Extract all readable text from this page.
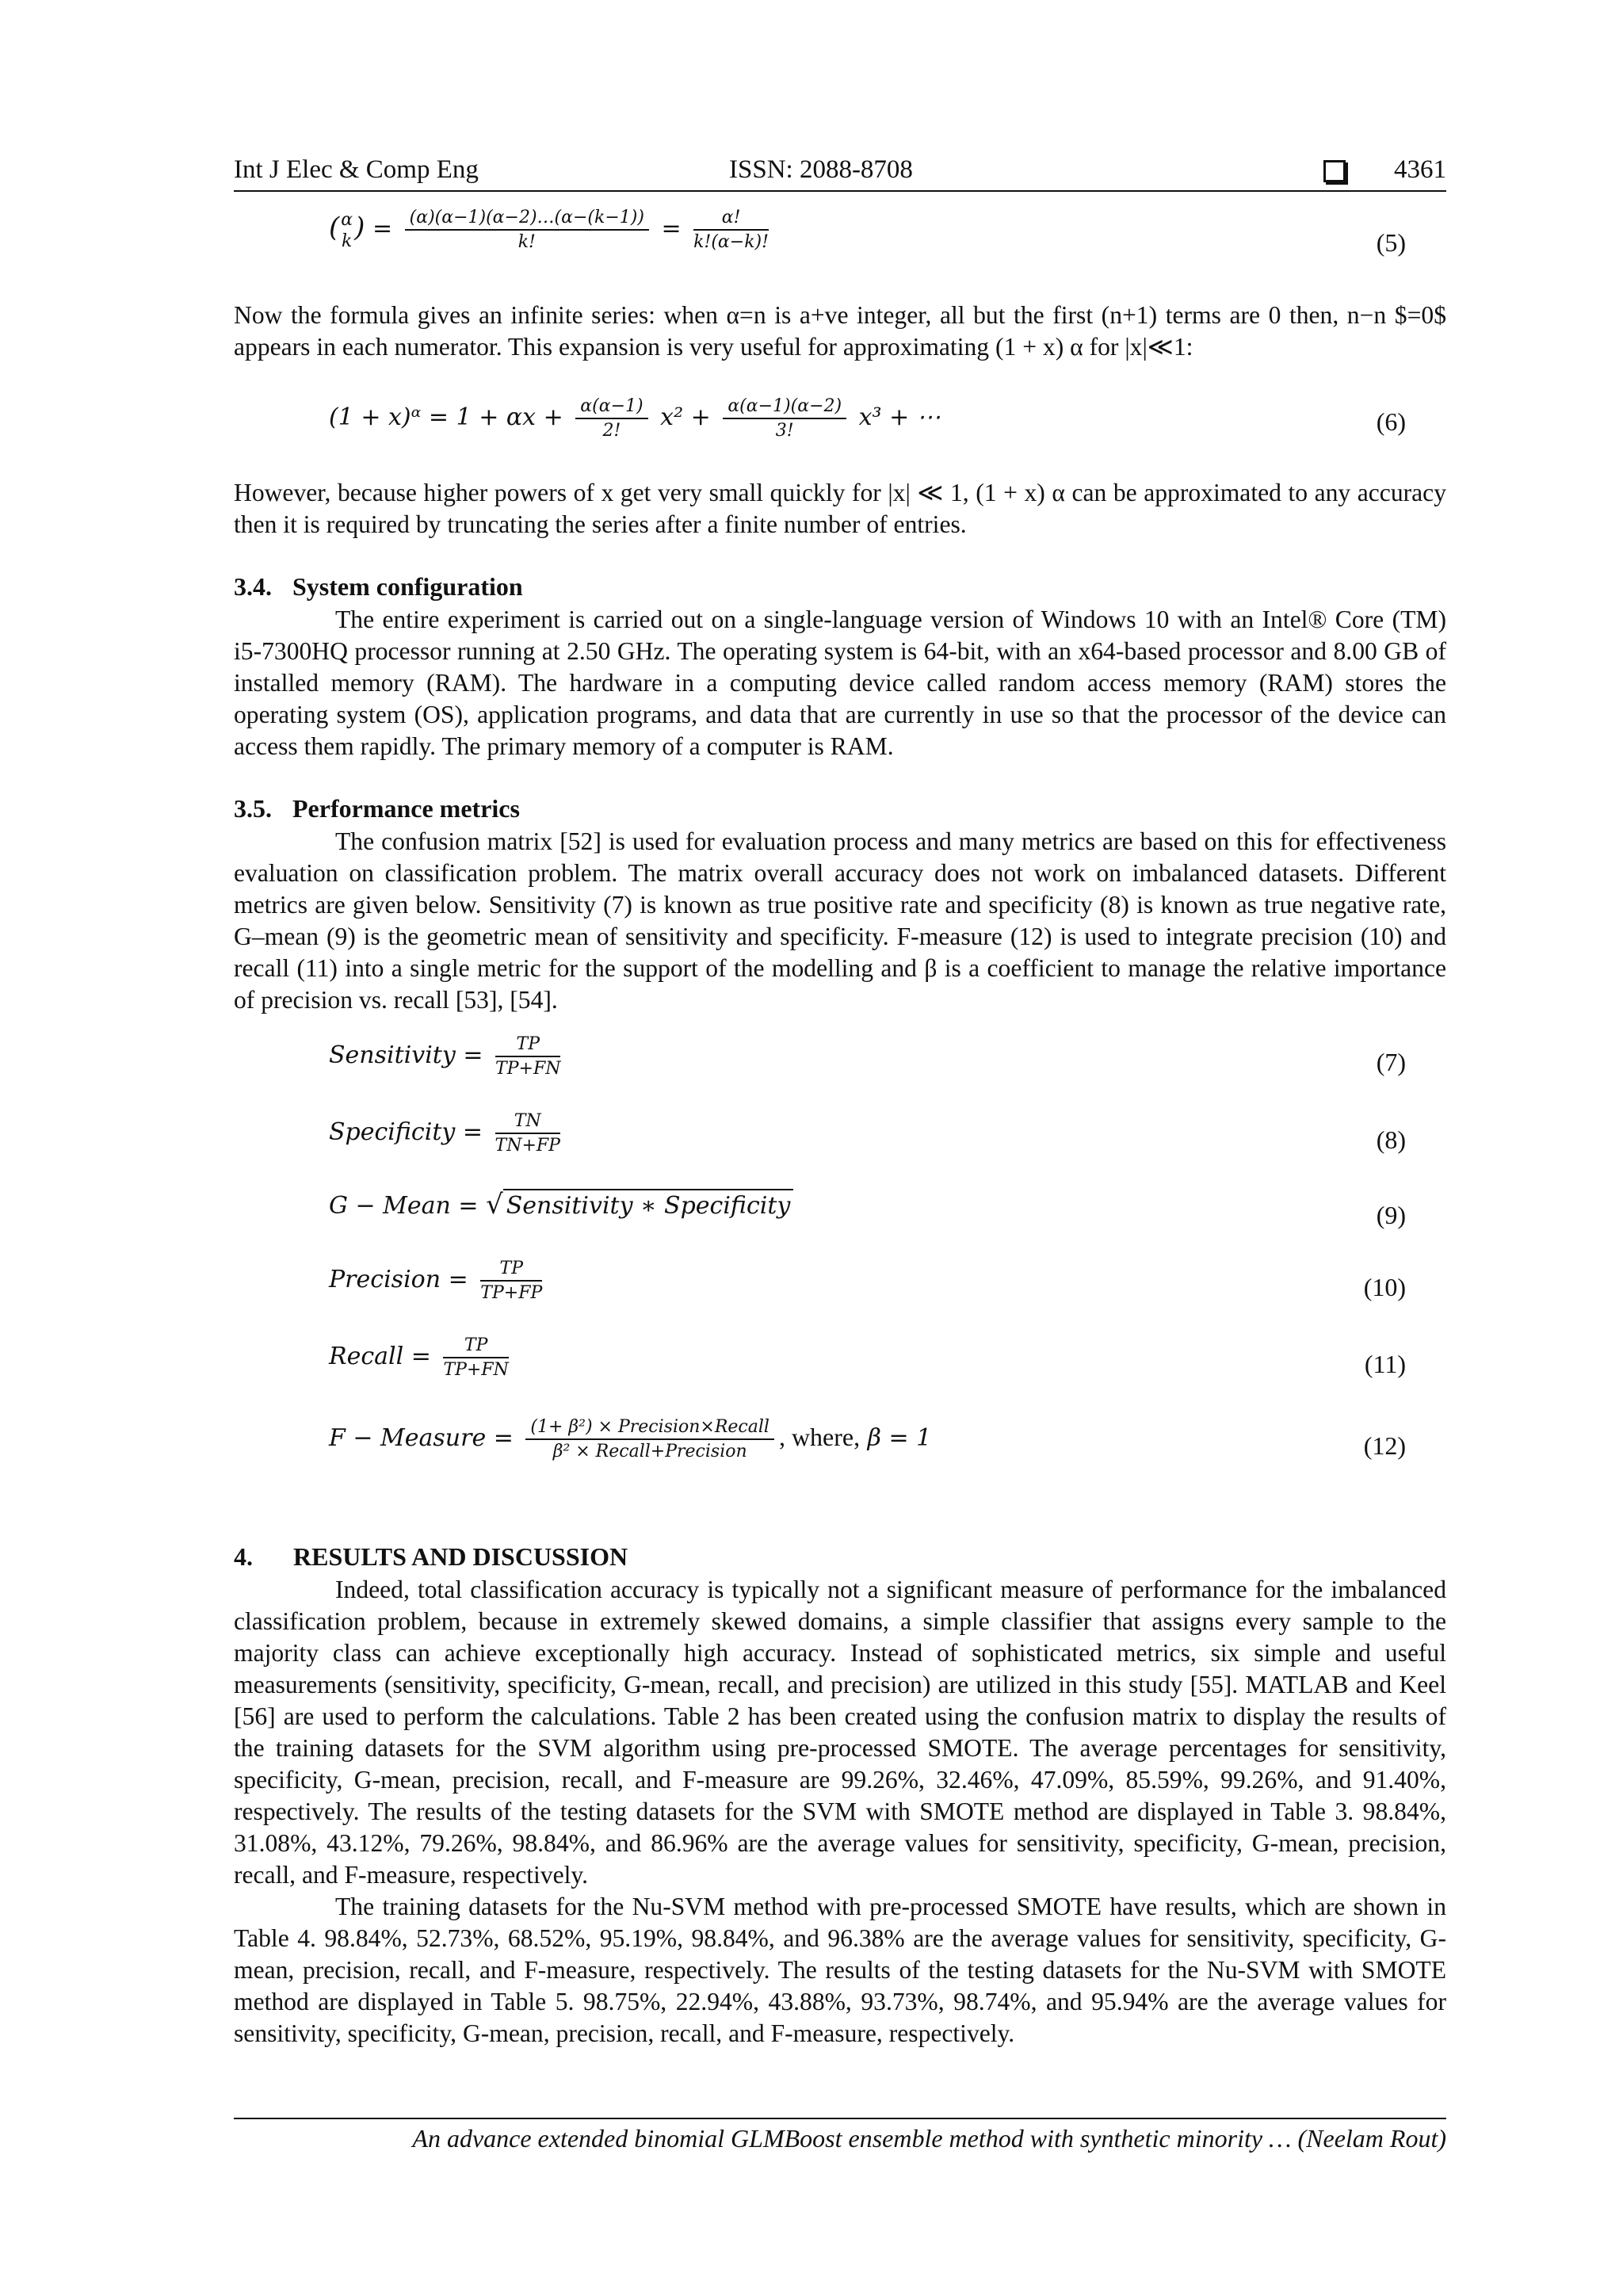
Int J Elec & Comp Eng	ISSN: 2088-8708	4361
( α
k ) = $\frac{(\alpha)(\alpha-1)(\alpha-2)\dots(\alpha-(k-1))}{k!} = \frac{\alpha!}{k!(\alpha-k)!}$	(5)

Now the formula gives an infinite series: when α=n is a+ve integer, all but the first (n+1) terms are 0 then, n−n $=0$ appears in each numerator. This expansion is very useful for approximating (1 + x) α for |x|≪1:

(1 + x)ᵅ = $1 + \alpha x + \frac{\alpha(\alpha-1)}{2!} x^2 + \frac{\alpha(\alpha-1)(\alpha-2)}{3!} x^3$ + ⋯	(6)

However, because higher powers of x get very small quickly for |x| ≪ 1, (1 + x) α can be approximated to any accuracy then it is required by truncating the series after a finite number of entries.

3.4. System configuration

The entire experiment is carried out on a single-language version of Windows 10 with an Intel® Core (TM) i5-7300HQ processor running at 2.50 GHz. The operating system is 64-bit, with an x64-based processor and 8.00 GB of installed memory (RAM). The hardware in a computing device called random access memory (RAM) stores the operating system (OS), application programs, and data that are currently in use so that the processor of the device can access them rapidly. The primary memory of a computer is RAM.

3.5. Performance metrics

The confusion matrix [52] is used for evaluation process and many metrics are based on this for effectiveness evaluation on classification problem. The matrix overall accuracy does not work on imbalanced datasets. Different metrics are given below. Sensitivity (7) is known as true positive rate and specificity (8) is known as true negative rate, G–mean (9) is the geometric mean of sensitivity and specificity. F-measure (12) is used to integrate precision (10) and recall (11) into a single metric for the support of the modelling and β is a coefficient to manage the relative importance of precision vs. recall [53], [54].

Sensitivity = $\frac{TP}{TP+FN}$	(7)
Specificity = $\frac{TN}{TN+FP}$	(8)
G − Mean = √ Sensitivity ∗ Specificity	(9)
Precision = $\frac{TP}{TP+FP}$	(10)
Recall = $\frac{TP}{TP+FN}$	(11)
F − Measure = $\frac{\text{(1+ β²) × Precision×Recall}}{\text{β² × Recall+Precision}}$ , where, β = 1	(12)
4. RESULTS AND DISCUSSION

Indeed, total classification accuracy is typically not a significant measure of performance for the imbalanced classification problem, because in extremely skewed domains, a simple classifier that assigns every sample to the majority class can achieve exceptionally high accuracy. Instead of sophisticated metrics, six simple and useful measurements (sensitivity, specificity, G-mean, recall, and precision) are utilized in this study [55]. MATLAB and Keel [56] are used to perform the calculations. Table 2 has been created using the confusion matrix to display the results of the training datasets for the SVM algorithm using pre-processed SMOTE. The average percentages for sensitivity, specificity, G-mean, precision, recall, and F-measure are 99.26%, 32.46%, 47.09%, 85.59%, 99.26%, and 91.40%, respectively. The results of the testing datasets for the SVM with SMOTE method are displayed in Table 3. 98.84%, 31.08%, 43.12%, 79.26%, 98.84%, and 86.96% are the average values for sensitivity, specificity, G-mean, precision, recall, and F-measure, respectively.

The training datasets for the Nu-SVM method with pre-processed SMOTE have results, which are shown in Table 4. 98.84%, 52.73%, 68.52%, 95.19%, 98.84%, and 96.38% are the average values for sensitivity, specificity, G-mean, precision, recall, and F-measure, respectively. The results of the testing datasets for the Nu-SVM with SMOTE method are displayed in Table 5. 98.75%, 22.94%, 43.88%, 93.73%, 98.74%, and 95.94% are the average values for sensitivity, specificity, G-mean, precision, recall, and F-measure, respectively.

An advance extended binomial GLMBoost ensemble method with synthetic minority … (Neelam Rout)
